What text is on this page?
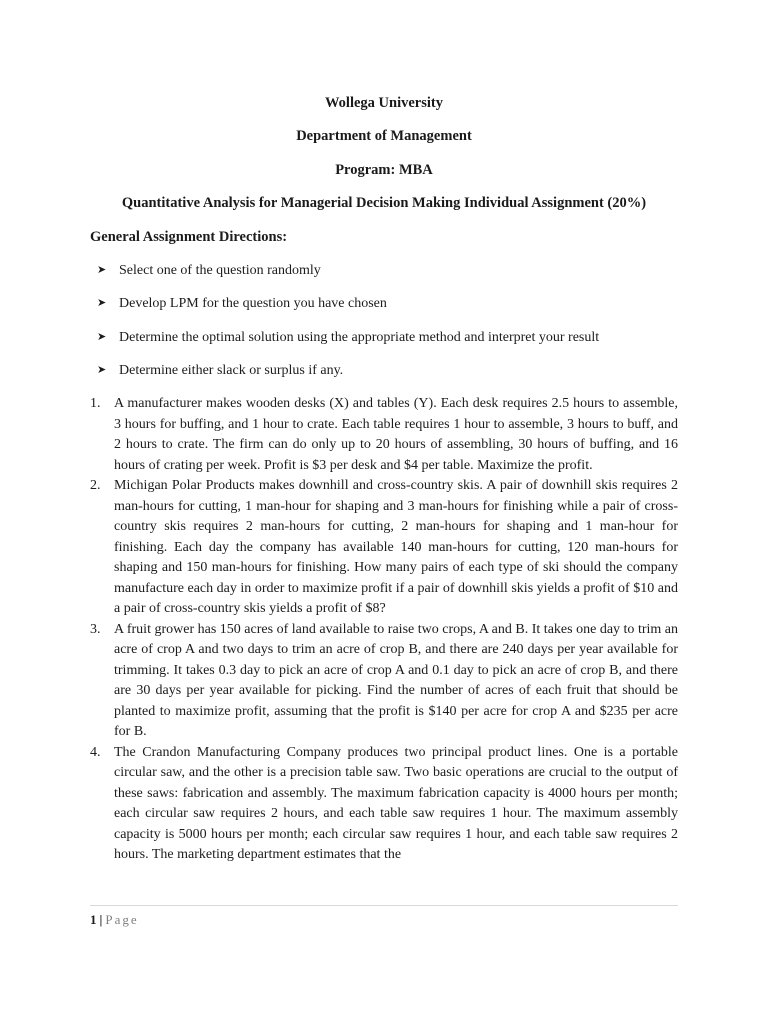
Wollega University
Department of Management
Program: MBA
Quantitative Analysis for Managerial Decision Making Individual Assignment (20%)
General Assignment Directions:
➤ Select one of the question randomly
➤ Develop LPM for the question you have chosen
➤ Determine the optimal solution using the appropriate method and interpret your result
➤ Determine either slack or surplus if any.
1. A manufacturer makes wooden desks (X) and tables (Y). Each desk requires 2.5 hours to assemble, 3 hours for buffing, and 1 hour to crate. Each table requires 1 hour to assemble, 3 hours to buff, and 2 hours to crate. The firm can do only up to 20 hours of assembling, 30 hours of buffing, and 16 hours of crating per week. Profit is $3 per desk and $4 per table. Maximize the profit.
2. Michigan Polar Products makes downhill and cross-country skis. A pair of downhill skis requires 2 man-hours for cutting, 1 man-hour for shaping and 3 man-hours for finishing while a pair of cross-country skis requires 2 man-hours for cutting, 2 man-hours for shaping and 1 man-hour for finishing. Each day the company has available 140 man-hours for cutting, 120 man-hours for shaping and 150 man-hours for finishing. How many pairs of each type of ski should the company manufacture each day in order to maximize profit if a pair of downhill skis yields a profit of $10 and a pair of cross-country skis yields a profit of $8?
3. A fruit grower has 150 acres of land available to raise two crops, A and B. It takes one day to trim an acre of crop A and two days to trim an acre of crop B, and there are 240 days per year available for trimming. It takes 0.3 day to pick an acre of crop A and 0.1 day to pick an acre of crop B, and there are 30 days per year available for picking. Find the number of acres of each fruit that should be planted to maximize profit, assuming that the profit is $140 per acre for crop A and $235 per acre for B.
4. The Crandon Manufacturing Company produces two principal product lines. One is a portable circular saw, and the other is a precision table saw. Two basic operations are crucial to the output of these saws: fabrication and assembly. The maximum fabrication capacity is 4000 hours per month; each circular saw requires 2 hours, and each table saw requires 1 hour. The maximum assembly capacity is 5000 hours per month; each circular saw requires 1 hour, and each table saw requires 2 hours. The marketing department estimates that the
1 | Page
